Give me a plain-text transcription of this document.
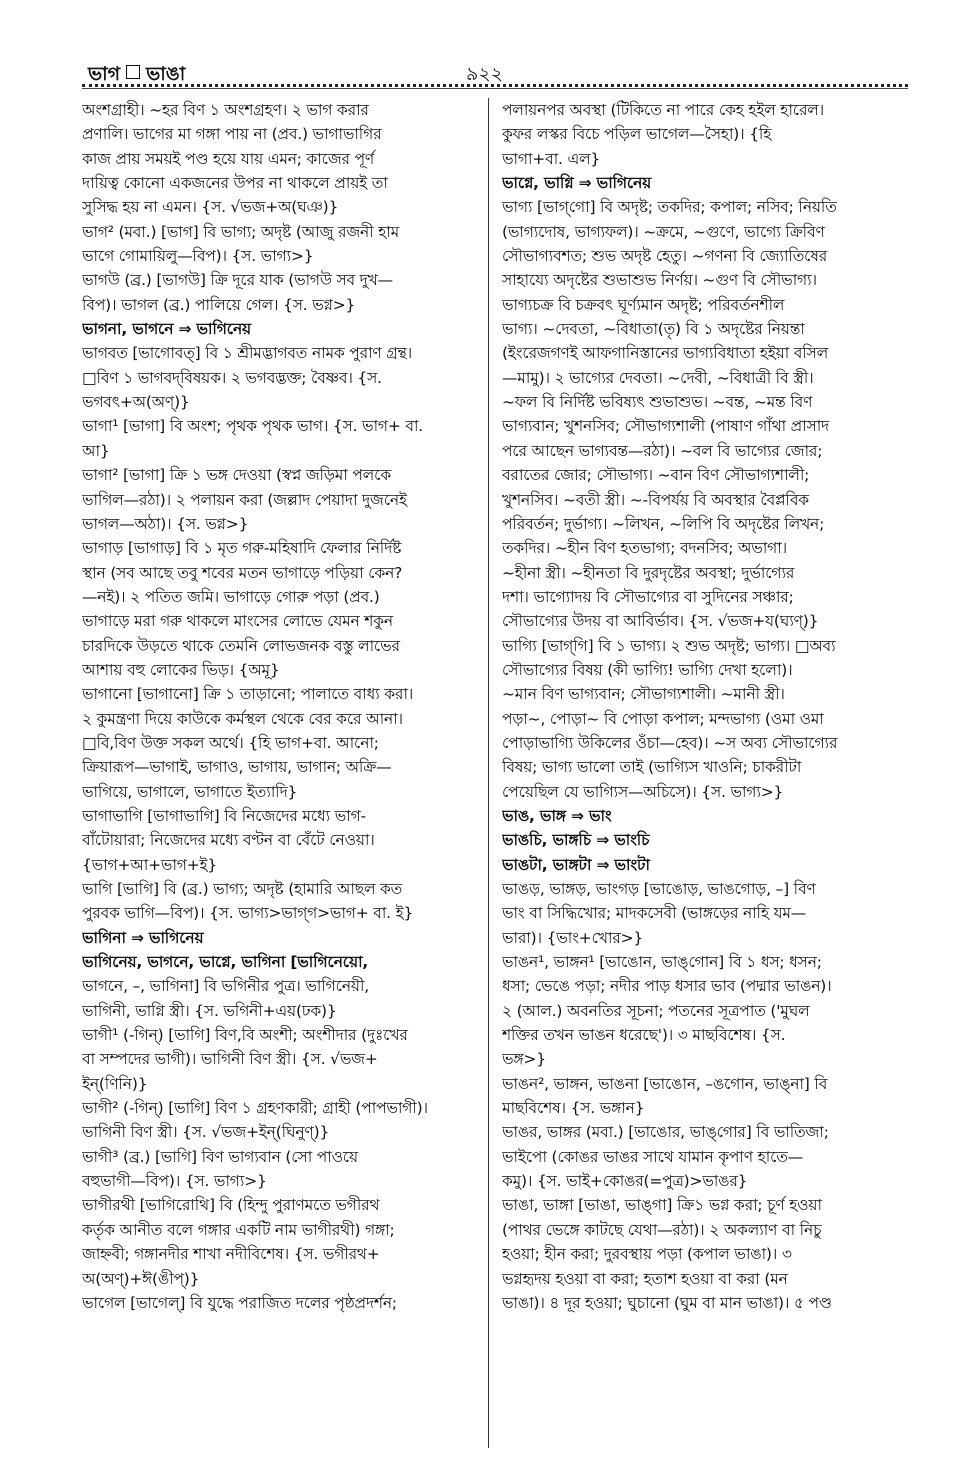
ভাগ ভাঙা	৯২২
অংশগ্রাহী। ~হর বিণ ১ অংশগ্রহণ। ২ ভাগ করার
প্রণালি। ভাগের মা গঙ্গা পায় না (প্রব.) ভাগাভাগির
কাজ প্রায় সময়ই পণ্ড হয়ে যায় এমন; কাজের পূর্ণ
দায়িত্ব কোনো একজনের উপর না থাকলে প্রায়ই তা
সুসিদ্ধ হয় না এমন। {স. √ভজ+অ(ঘঞ)}
ভাগ² (মবা.) [ভাগ] বি ভাগ্য; অদৃষ্ট (আজু রজনী হাম
ভাগে গোমায়িলু—বিপ)। {স. ভাগ্য>}
ভাগউ (ব্র.) [ভাগউ] ক্রি দূরে যাক (ভাগউ সব দুখ—
বিপ)। ভাগল (ব্র.) পালিয়ে গেল। {স. ভগ্ন>}
ভাগনা, ভাগনে ⇒ ভাগিনেয়
ভাগবত [ভাগোবত্] বি ১ শ্রীমদ্ভাগবত নামক পুরাণ গ্রন্থ।
□বিণ ১ ভাগবদ্‌বিষয়ক। ২ ভগবদ্ভক্ত; বৈষ্ণব। {স.
ভগবৎ+অ(অণ্)}
ভাগা¹ [ভাগা] বি অংশ; পৃথক পৃথক ভাগ। {স. ভাগ+ বা.
আ}
ভাগা² [ভাগা] ক্রি ১ ভঙ্গ দেওয়া (স্বপ্ন জড়িমা পলকে
ভাগিল—রঠা)। ২ পলায়ন করা (জল্লাদ পেয়াদা দুজনেই
ভাগল—অঠা)। {স. ভগ্ন>}
ভাগাড় [ভাগাড়] বি ১ মৃত গরু-মহিষাদি ফেলার নির্দিষ্ট
স্থান (সব আছে তবু শবের মতন ভাগাড়ে পড়িয়া কেন?
—নই)। ২ পতিত জমি। ভাগাড়ে গোরু পড়া (প্রব.)
ভাগাড়ে মরা গরু থাকলে মাংসের লোভে যেমন শকুন
চারদিকে উড়তে থাকে তেমনি লোভজনক বস্তু লাভের
আশায় বহু লোকের ভিড়। {অমূ}
ভাগানো [ভাগানো] ক্রি ১ তাড়ানো; পালাতে বাধ্য করা।
২ কুমন্ত্রণা দিয়ে কাউকে কর্মস্থল থেকে বের করে আনা।
□বি,বিণ উক্ত সকল অর্থে। {হি ভাগ+বা. আনো;
ক্রিয়ারূপ—ভাগাই, ভাগাও, ভাগায়, ভাগান; অক্রি—
ভাগিয়ে, ভাগালে, ভাগাতে ইত্যাদি}
ভাগাভাগি [ভাগাভাগি] বি নিজেদের মধ্যে ভাগ-
বাঁটোয়ারা; নিজেদের মধ্যে বণ্টন বা বেঁটে নেওয়া।
{ভাগ+আ+ভাগ+ই}
ভাগি [ভাগি] বি (ব্র.) ভাগ্য; অদৃষ্ট (হামারি আছল কত
পুরবক ভাগি—বিপ)। {স. ভাগ্য>ভাগ্‌গ>ভাগ+ বা. ই}
ভাগিনা ⇒ ভাগিনেয়
ভাগিনেয়, ভাগনে, ভাগ্নে, ভাগিনা [ভাগিনেয়ো,
ভাগনে, –, ভাগিনা] বি ভগিনীর পুত্র। ভাগিনেয়ী,
ভাগিনী, ভাগ্নি স্ত্রী। {স. ভগিনী+এয়(ঢক)}
ভাগী¹ (-গিন্) [ভাগি] বিণ,বি অংশী; অংশীদার (দুঃখের
বা সম্পদের ভাগী)। ভাগিনী বিণ স্ত্রী। {স. √ভজ+
ইন্(ণিনি)}
ভাগী² (-গিন্) [ভাগি] বিণ ১ গ্রহণকারী; গ্রাহী (পাপভাগী)।
ভাগিনী বিণ স্ত্রী। {স. √ভজ+ইন্(ঘিনুণ্)}
ভাগী³ (ব্র.) [ভাগি] বিণ ভাগ্যবান (সো পাওয়ে
বহুভাগী—বিপ)। {স. ভাগ্য>}
ভাগীরথী [ভাগিরোথি] বি (হিন্দু পুরাণমতে ভগীরথ
কর্তৃক আনীত বলে গঙ্গার একটি নাম ভাগীরথী) গঙ্গা;
জাহ্নবী; গঙ্গানদীর শাখা নদীবিশেষ। {স. ভগীরথ+
অ(অণ্)+ঈ(ঙীপ্)}
ভাগেল [ভাগেল্] বি যুদ্ধে পরাজিত দলের পৃষ্ঠপ্রদর্শন;
পলায়নপর অবস্থা (টিকিতে না পারে কেহ হইল হারেল।
কুফর লস্কর বিচে পড়িল ভাগেল—সৈহা)। {হি
ভাগা+বা. এল}
ভাগ্নে, ভাগ্নি ⇒ ভাগিনেয়
ভাগ্য [ভাগ্‌গো] বি অদৃষ্ট; তকদির; কপাল; নসিব; নিয়তি
(ভাগ্যদোষ, ভাগ্যফল)। ~ক্রমে, ~গুণে, ভাগ্যে ক্রিবিণ
সৌভাগ্যবশত; শুভ অদৃষ্ট হেতু। ~গণনা বি জ্যোতিষের
সাহায্যে অদৃষ্টের শুভাশুভ নির্ণয়। ~গুণ বি সৌভাগ্য।
ভাগ্যচক্র বি চক্রবৎ ঘূর্ণ্যমান অদৃষ্ট; পরিবর্তনশীল
ভাগ্য। ~দেবতা, ~বিধাতা(তৃ) বি ১ অদৃষ্টের নিয়ন্তা
(ইংরেজগণই আফগানিস্তানের ভাগ্যবিধাতা হইয়া বসিল
—মামু)। ২ ভাগ্যের দেবতা। ~দেবী, ~বিধাত্রী বি স্ত্রী।
~ফল বি নির্দিষ্ট ভবিষ্যৎ শুভাশুভ। ~বন্ত, ~মন্ত বিণ
ভাগ্যবান; খুশনসিব; সৌভাগ্যশালী (পাষাণ গাঁথা প্রাসাদ
পরে আছেন ভাগ্যবন্ত—রঠা)। ~বল বি ভাগ্যের জোর;
বরাতের জোর; সৌভাগ্য। ~বান বিণ সৌভাগ্যশালী;
খুশনসিব। ~বতী স্ত্রী। ~-বিপর্যয় বি অবস্থার বৈপ্লবিক
পরিবর্তন; দুর্ভাগ্য। ~লিখন, ~লিপি বি অদৃষ্টের লিখন;
তকদির। ~হীন বিণ হতভাগ্য; বদনসিব; অভাগা।
~হীনা স্ত্রী। ~হীনতা বি দুরদৃষ্টের অবস্থা; দুর্ভাগ্যের
দশা। ভাগ্যোদয় বি সৌভাগ্যের বা সুদিনের সঞ্চার;
সৌভাগ্যের উদয় বা আবির্ভাব। {স. √ভজ+য(ঘ্যণ্)}
ভাগ্যি [ভাগ্‌গি] বি ১ ভাগ্য। ২ শুভ অদৃষ্ট; ভাগ্য। □অব্য
সৌভাগ্যের বিষয় (কী ভাগ্যি! ভাগ্যি দেখা হলো)।
~মান বিণ ভাগ্যবান; সৌভাগ্যশালী। ~মানী স্ত্রী।
পড়া~, পোড়া~ বি পোড়া কপাল; মন্দভাগ্য (ওমা ওমা
পোড়াভাগ্যি উকিলের ওঁচা—হেব)। ~স অব্য সৌভাগ্যের
বিষয়; ভাগ্য ভালো তাই (ভাগ্যিস খাওনি; চাকরীটা
পেয়েছিল যে ভাগ্যিস—অচিসে)। {স. ভাগ্য>}
ভাঙ, ভাঙ্গ ⇒ ভাং
ভাঙচি, ভাঙ্গচি ⇒ ভাংচি
ভাঙটা, ভাঙ্গটা ⇒ ভাংটা
ভাঙড়, ভাঙ্গড়, ভাংগড় [ভাঙোড়, ভাঙগোড়, –] বিণ
ভাং বা সিদ্ধিখোর; মাদকসেবী (ভাঙ্গড়ের নাহি যম—
ভারা)। {ভাং+খোর>}
ভাঙন¹, ভাঙ্গন¹ [ভাঙোন, ভাঙ্‌গোন] বি ১ ধস; ধসন;
ধসা; ভেঙে পড়া; নদীর পাড় ধসার ভাব (পদ্মার ভাঙন)।
২ (আল.) অবনতির সূচনা; পতনের সূত্রপাত ('মুঘল
শক্তির তখন ভাঙন ধরেছে')। ৩ মাছবিশেষ। {স.
ভঙ্গ>}
ভাঙন², ভাঙ্গন, ভাঙনা [ভাঙোন, –ঙগোন, ভাঙ্‌না] বি
মাছবিশেষ। {স. ভঙ্গান}
ভাঙর, ভাঙ্গর (মবা.) [ভাঙোর, ভাঙ্‌গোর] বি ভাতিজা;
ভাইপো (কোঙর ভাঙর সাথে যামান কৃপাণ হাতে—
কমু)। {স. ভাই+কোঙর(=পুত্র)>ভাঙর}
ভাঙা, ভাঙ্গা [ভাঙা, ভাঙ্‌গা] ক্রি১ ভগ্ন করা; চূর্ণ হওয়া
(পাথর ভেঙ্গে কাটছে যেথা—রঠা)। ২ অকল্যাণ বা নিচু
হওয়া; হীন করা; দুরবস্থায় পড়া (কপাল ভাঙা)। ৩
ভগ্নহৃদয় হওয়া বা করা; হতাশ হওয়া বা করা (মন
ভাঙা)। ৪ দূর হওয়া; ঘুচানো (ঘুম বা মান ভাঙা)। ৫ পণ্ড
